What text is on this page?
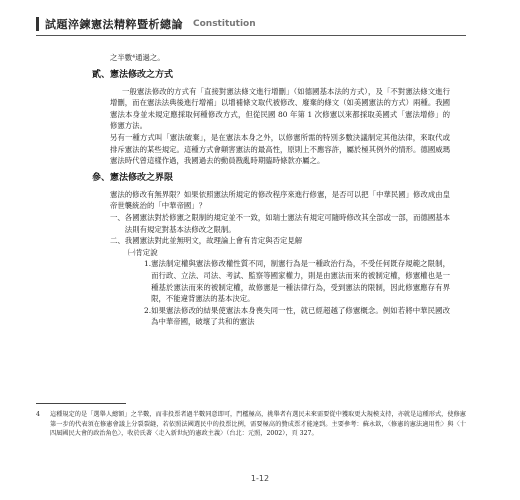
試題淬鍊憲法精粹暨析總論 Constitution

之半數⁴通過之。

貳、憲法修改之方式

一般憲法修改的方式有「直接對憲法條文進行增刪」（如德國基本法的方式），及「不對憲法條文進行增刪，而在憲法法典後進行增補」以增補條文取代被修改、廢棄的條文（如美國憲法的方式）兩種。我國憲法本身並未規定應採取何種修改方式，但從民國 80 年第 1 次修憲以來都採取美國式「憲法增修」的修憲方法。

另有一種方式叫「憲法破棄」，是在憲法本身之外，以修憲所需的特別多數決議制定其他法律，來取代或排斥憲法的某些規定。這種方式會顛害憲法的最高性，原則上不應容許，屬於極其例外的情形。德國威瑪憲法時代曾這樣作過，我國過去的動員戡亂時期臨時條款亦屬之。

參、憲法修改之界限

憲法的修改有無界限？如果依照憲法所規定的修改程序來進行修憲，是否可以把「中華民國」修改成由皇帝世襲統治的「中華帝國」？

一、 各國憲法對於修憲之限制的規定並不一致，如瑞士憲法有規定可隨時修改其全部或一部，而德國基本法則有規定對基本法修改之限制。
二、 我國憲法對此並無明文，故理論上會有肯定與否定見解
㈠ 肯定說
1. 憲法制定權與憲法修改權性質不同，制憲行為是一種政治行為，不受任何既存規範之限制，而行政、立法、司法、考試、監察等國家權力，則是由憲法而來的被制定權，修憲權也是一種基於憲法而來的被制定權，故修憲是一種法律行為，受到憲法的限制，因此修憲應存有界限，不能違背憲法的基本決定。
2. 如果憲法修改的結果使憲法本身喪失同一性，就已經超越了修憲概念。例如若將中華民國改為中華帝國，破壞了共和的憲法
4 這種規定的是「選舉人總額」之半數，而非投票者過半數同意即可，門檻極高，挑舉者有選民未來需要從中獲取更大規模支持，亦就是這種形式，使修憲第一步的代表須在修憲會議上分裂裂縫，若依照法國選民中的投票比例，需要極高的贊成票才能達到。主要參考：蘇永欽，〈修憲的憲法適用性〉與〈十四屆國民大會的政治角色〉，收於氏著〈走入新世紀的憲政主義〉（台北：元照，2002），頁 327。
1-12
